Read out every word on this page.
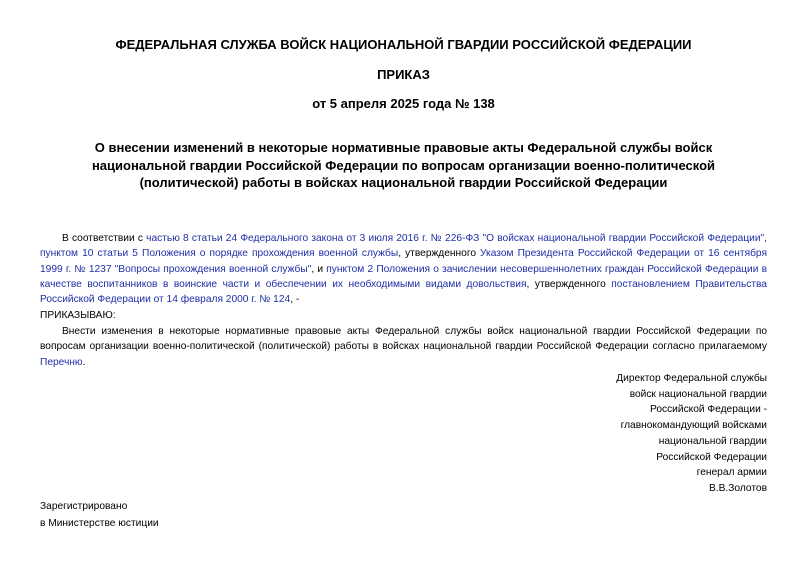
ФЕДЕРАЛЬНАЯ СЛУЖБА ВОЙСК НАЦИОНАЛЬНОЙ ГВАРДИИ РОССИЙСКОЙ ФЕДЕРАЦИИ
ПРИКАЗ
от 5 апреля 2025 года № 138
О внесении изменений в некоторые нормативные правовые акты Федеральной службы войск национальной гвардии Российской Федерации по вопросам организации военно-политической (политической) работы в войсках национальной гвардии Российской Федерации
В соответствии с частью 8 статьи 24 Федерального закона от 3 июля 2016 г. № 226-ФЗ "О войсках национальной гвардии Российской Федерации", пунктом 10 статьи 5 Положения о порядке прохождения военной службы, утвержденного Указом Президента Российской Федерации от 16 сентября 1999 г. № 1237 "Вопросы прохождения военной службы", и пунктом 2 Положения о зачислении несовершеннолетних граждан Российской Федерации в качестве воспитанников в воинские части и обеспечении их необходимыми видами довольствия, утвержденного постановлением Правительства Российской Федерации от 14 февраля 2000 г. № 124, -
ПРИКАЗЫВАЮ:
Внести изменения в некоторые нормативные правовые акты Федеральной службы войск национальной гвардии Российской Федерации по вопросам организации военно-политической (политической) работы в войсках национальной гвардии Российской Федерации согласно прилагаемому Перечню.
Директор Федеральной службы
войск национальной гвардии
Российской Федерации -
главнокомандующий войсками
национальной гвардии
Российской Федерации
генерал армии
В.В.Золотов
Зарегистрировано
в Министерстве юстиции
